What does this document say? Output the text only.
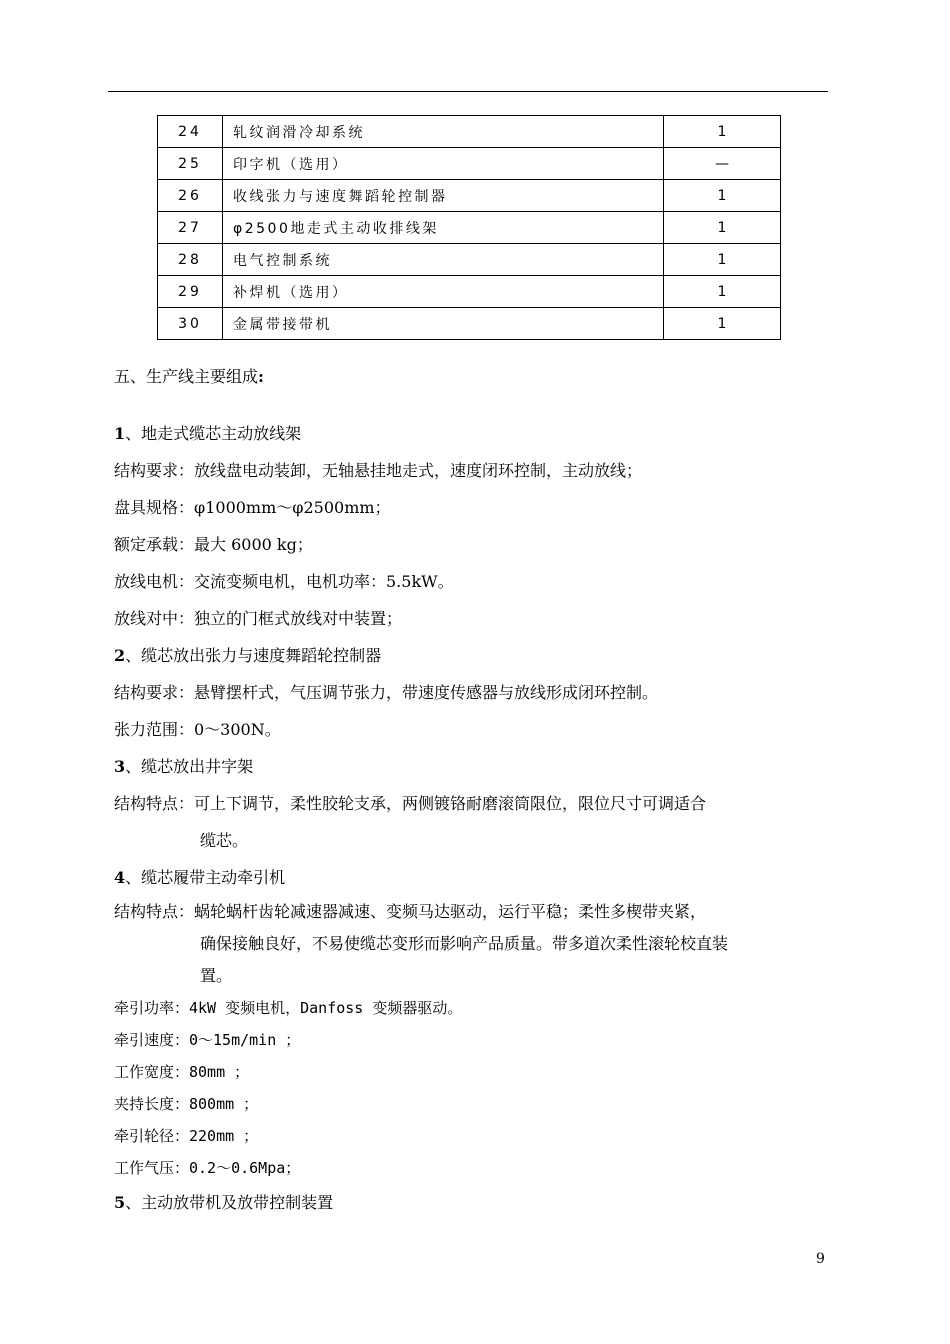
24	轧纹润滑冷却系统	1
25	印字机（选用）	—
26	收线张力与速度舞蹈轮控制器	1
27	φ2500地走式主动收排线架	1
28	电气控制系统	1
29	补焊机（选用）	1
30	金属带接带机	1
五、生产线主要组成:
1、地走式缆芯主动放线架
结构要求：放线盘电动装卸，无轴悬挂地走式，速度闭环控制，主动放线；
盘具规格：φ1000mm～φ2500mm；
额定承载：最大 6000 kg；
放线电机：交流变频电机，电机功率：5.5kW。
放线对中：独立的门框式放线对中装置；
2、缆芯放出张力与速度舞蹈轮控制器
结构要求：悬臂摆杆式，气压调节张力，带速度传感器与放线形成闭环控制。
张力范围：0～300N。
3、缆芯放出井字架
结构特点：可上下调节，柔性胶轮支承，两侧镀铬耐磨滚筒限位，限位尺寸可调适合
缆芯。
4、缆芯履带主动牵引机
结构特点：蜗轮蜗杆齿轮减速器减速、变频马达驱动，运行平稳；柔性多楔带夹紧，
确保接触良好，不易使缆芯变形而影响产品质量。带多道次柔性滚轮校直装
置。
牵引功率：4kW 变频电机，Danfoss 变频器驱动。
牵引速度：0～15m/min ；
工作宽度：80mm ；
夹持长度：800mm ；
牵引轮径：220mm ；
工作气压：0.2～0.6Mpa；
5、主动放带机及放带控制装置
9
